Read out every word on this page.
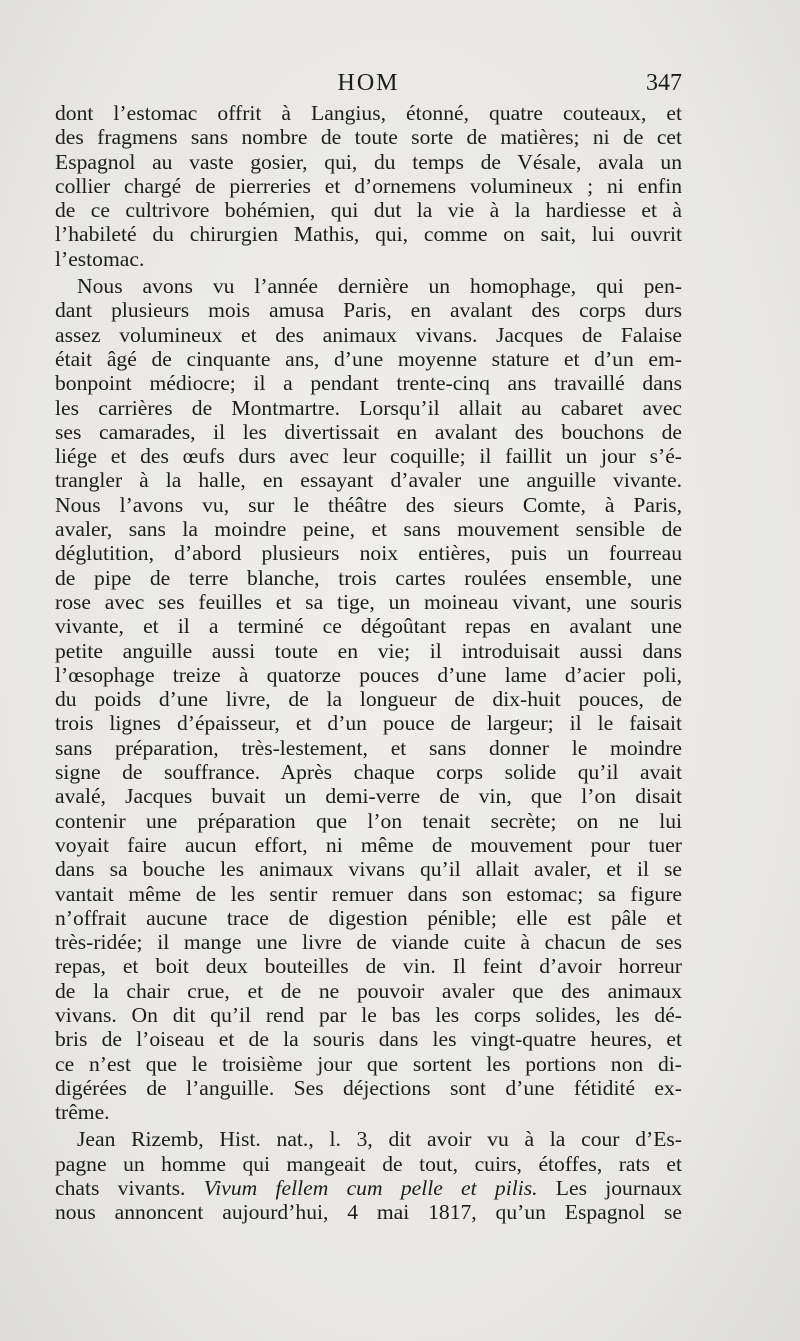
HOM	347
dont l’estomac offrit à Langius, étonné, quatre couteaux, et
des fragmens sans nombre de toute sorte de matières; ni de cet
Espagnol au vaste gosier, qui, du temps de Vésale, avala un
collier chargé de pierreries et d’ornemens volumineux ; ni enfin
de ce cultrivore bohémien, qui dut la vie à la hardiesse et à
l’habileté du chirurgien Mathis, qui, comme on sait, lui ouvrit
l’estomac.
Nous avons vu l’année dernière un homophage, qui pen-
dant plusieurs mois amusa Paris, en avalant des corps durs
assez volumineux et des animaux vivans. Jacques de Falaise
était âgé de cinquante ans, d’une moyenne stature et d’un em-
bonpoint médiocre; il a pendant trente-cinq ans travaillé dans
les carrières de Montmartre. Lorsqu’il allait au cabaret avec
ses camarades, il les divertissait en avalant des bouchons de
liége et des œufs durs avec leur coquille; il faillit un jour s’é-
trangler à la halle, en essayant d’avaler une anguille vivante.
Nous l’avons vu, sur le théâtre des sieurs Comte, à Paris,
avaler, sans la moindre peine, et sans mouvement sensible de
déglutition, d’abord plusieurs noix entières, puis un fourreau
de pipe de terre blanche, trois cartes roulées ensemble, une
rose avec ses feuilles et sa tige, un moineau vivant, une souris
vivante, et il a terminé ce dégoûtant repas en avalant une
petite anguille aussi toute en vie; il introduisait aussi dans
l’œsophage treize à quatorze pouces d’une lame d’acier poli,
du poids d’une livre, de la longueur de dix-huit pouces, de
trois lignes d’épaisseur, et d’un pouce de largeur; il le faisait
sans préparation, très-lestement, et sans donner le moindre
signe de souffrance. Après chaque corps solide qu’il avait
avalé, Jacques buvait un demi-verre de vin, que l’on disait
contenir une préparation que l’on tenait secrète; on ne lui
voyait faire aucun effort, ni même de mouvement pour tuer
dans sa bouche les animaux vivans qu’il allait avaler, et il se
vantait même de les sentir remuer dans son estomac; sa figure
n’offrait aucune trace de digestion pénible; elle est pâle et
très-ridée; il mange une livre de viande cuite à chacun de ses
repas, et boit deux bouteilles de vin. Il feint d’avoir horreur
de la chair crue, et de ne pouvoir avaler que des animaux
vivans. On dit qu’il rend par le bas les corps solides, les dé-
bris de l’oiseau et de la souris dans les vingt-quatre heures, et
ce n’est que le troisième jour que sortent les portions non di-
digérées de l’anguille. Ses déjections sont d’une fétidité ex-
trême.
Jean Rizemb, Hist. nat., l. 3, dit avoir vu à la cour d’Es-
pagne un homme qui mangeait de tout, cuirs, étoffes, rats et
chats vivants. Vivum fellem cum pelle et pilis. Les journaux
nous annoncent aujourd’hui, 4 mai 1817, qu’un Espagnol se
